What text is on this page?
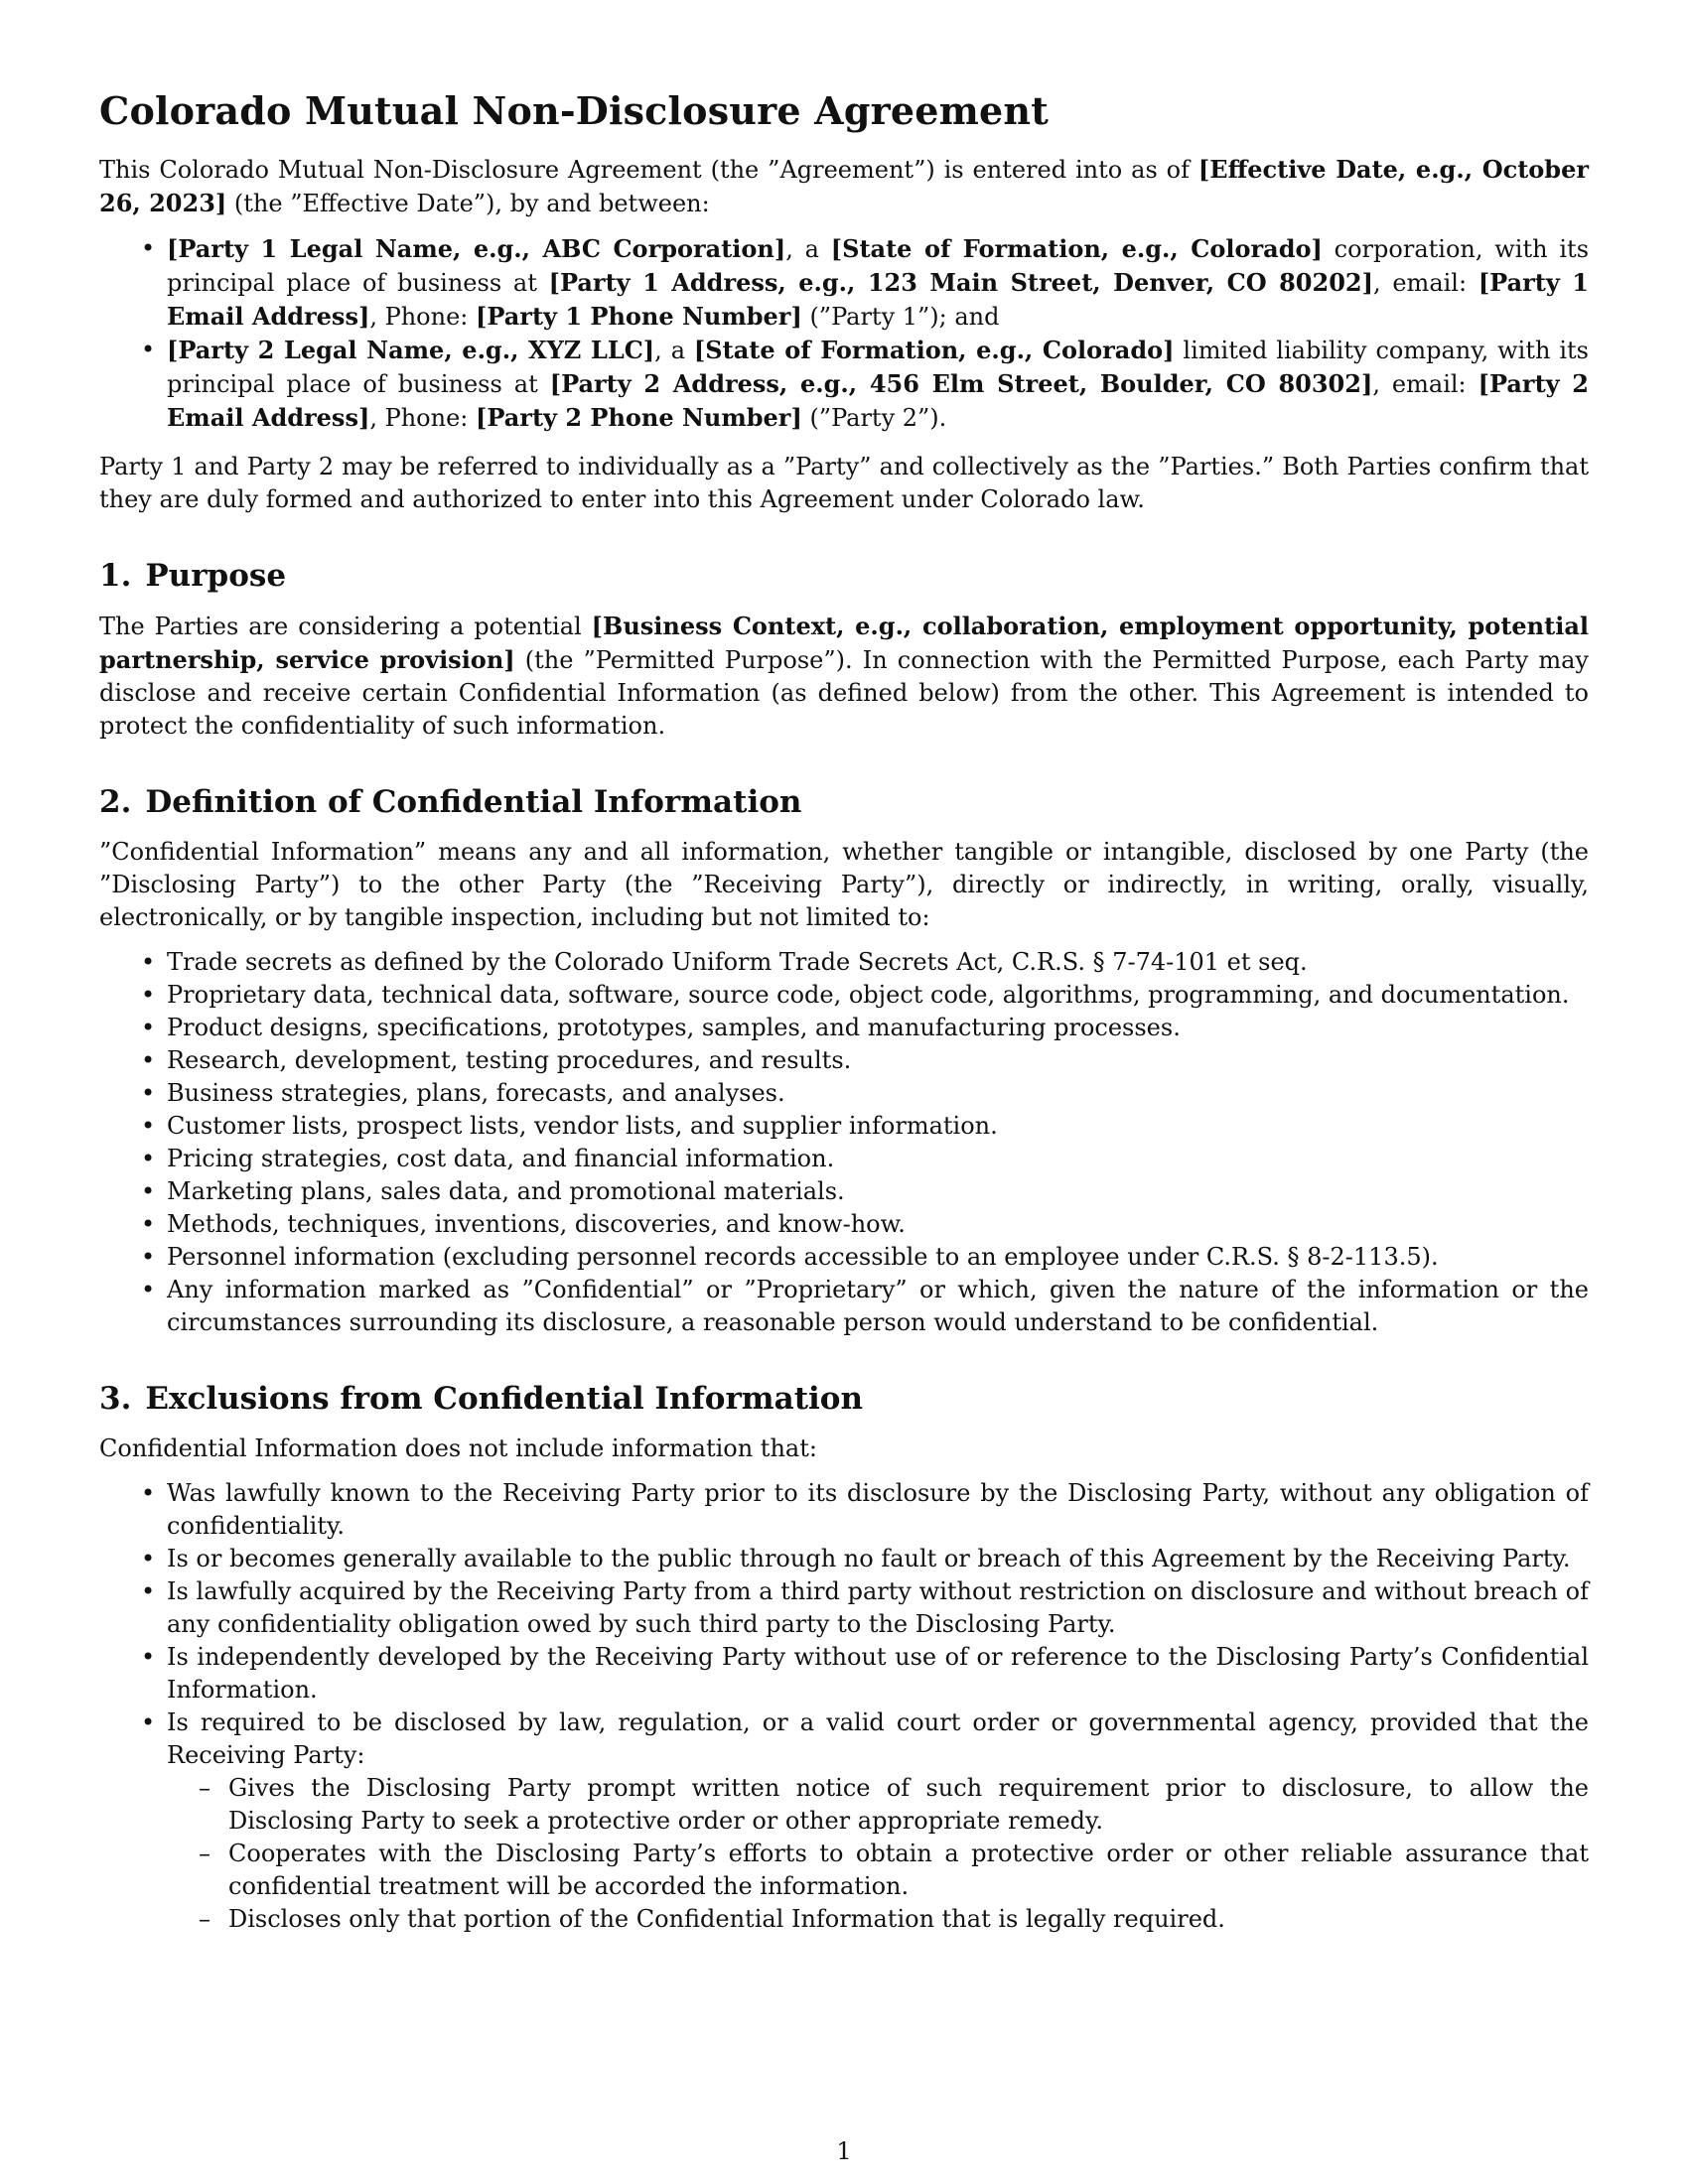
Colorado Mutual Non-Disclosure Agreement

This Colorado Mutual Non-Disclosure Agreement (the ”Agreement”) is entered into as of [Effective Date, e.g., October 26, 2023] (the ”Effective Date”), by and between:

• [Party 1 Legal Name, e.g., ABC Corporation], a [State of Formation, e.g., Colorado] corporation, with its principal place of business at [Party 1 Address, e.g., 123 Main Street, Denver, CO 80202], email: [Party 1 Email Address], Phone: [Party 1 Phone Number] (”Party 1”); and
• [Party 2 Legal Name, e.g., XYZ LLC], a [State of Formation, e.g., Colorado] limited liability company, with its principal place of business at [Party 2 Address, e.g., 456 Elm Street, Boulder, CO 80302], email: [Party 2 Email Address], Phone: [Party 2 Phone Number] (”Party 2”).

Party 1 and Party 2 may be referred to individually as a ”Party” and collectively as the ”Parties.” Both Parties confirm that they are duly formed and authorized to enter into this Agreement under Colorado law.

1. Purpose

The Parties are considering a potential [Business Context, e.g., collaboration, employment opportunity, potential partnership, service provision] (the ”Permitted Purpose”). In connection with the Permitted Purpose, each Party may disclose and receive certain Confidential Information (as defined below) from the other. This Agreement is intended to protect the confidentiality of such information.

2. Definition of Confidential Information

”Confidential Information” means any and all information, whether tangible or intangible, disclosed by one Party (the ”Disclosing Party”) to the other Party (the ”Receiving Party”), directly or indirectly, in writing, orally, visually, electronically, or by tangible inspection, including but not limited to:

• Trade secrets as defined by the Colorado Uniform Trade Secrets Act, C.R.S. § 7-74-101 et seq.
• Proprietary data, technical data, software, source code, object code, algorithms, programming, and documentation.
• Product designs, specifications, prototypes, samples, and manufacturing processes.
• Research, development, testing procedures, and results.
• Business strategies, plans, forecasts, and analyses.
• Customer lists, prospect lists, vendor lists, and supplier information.
• Pricing strategies, cost data, and financial information.
• Marketing plans, sales data, and promotional materials.
• Methods, techniques, inventions, discoveries, and know-how.
• Personnel information (excluding personnel records accessible to an employee under C.R.S. § 8-2-113.5).
• Any information marked as ”Confidential” or ”Proprietary” or which, given the nature of the information or the circumstances surrounding its disclosure, a reasonable person would understand to be confidential.
3. Exclusions from Confidential Information

Confidential Information does not include information that:

• Was lawfully known to the Receiving Party prior to its disclosure by the Disclosing Party, without any obligation of confidentiality.
• Is or becomes generally available to the public through no fault or breach of this Agreement by the Receiving Party.
• Is lawfully acquired by the Receiving Party from a third party without restriction on disclosure and without breach of any confidentiality obligation owed by such third party to the Disclosing Party.
• Is independently developed by the Receiving Party without use of or reference to the Disclosing Party’s Confidential Information.
• Is required to be disclosed by law, regulation, or a valid court order or governmental agency, provided that the Receiving Party:
– Gives the Disclosing Party prompt written notice of such requirement prior to disclosure, to allow the Disclosing Party to seek a protective order or other appropriate remedy.
– Cooperates with the Disclosing Party’s efforts to obtain a protective order or other reliable assurance that confidential treatment will be accorded the information.
– Discloses only that portion of the Confidential Information that is legally required.
1
